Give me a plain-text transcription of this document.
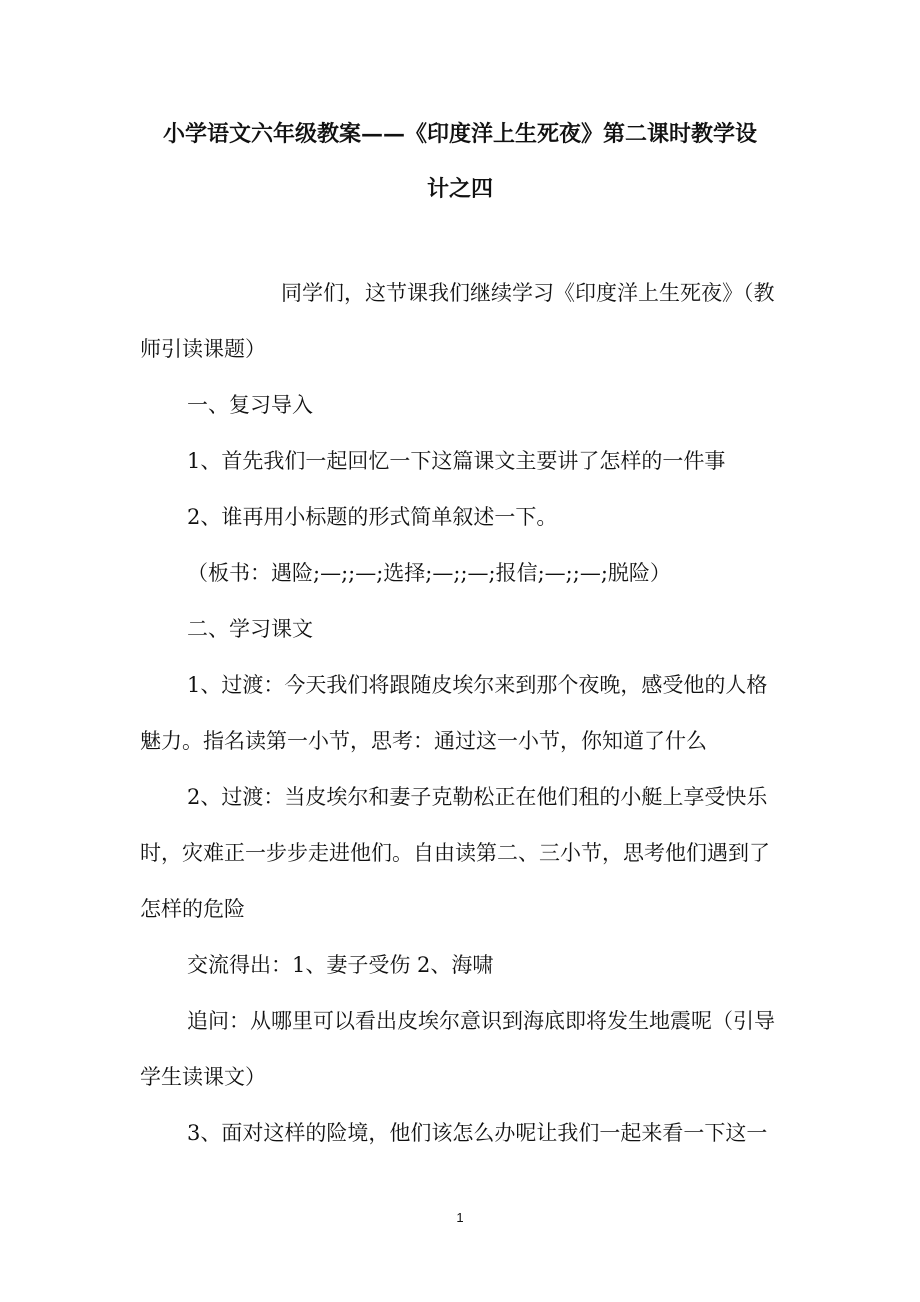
小学语文六年级教案——《印度洋上生死夜》第二课时教学设
计之四
同学们，这节课我们继续学习《印度洋上生死夜》（教
师引读课题）
一、复习导入
1、首先我们一起回忆一下这篇课文主要讲了怎样的一件事
2、谁再用小标题的形式简单叙述一下。
（板书：遇险;—;;—;选择;—;;—;报信;—;;—;脱险）
二、学习课文
1、过渡：今天我们将跟随皮埃尔来到那个夜晚，感受他的人格
魅力。指名读第一小节，思考：通过这一小节，你知道了什么
2、过渡：当皮埃尔和妻子克勒松正在他们租的小艇上享受快乐
时，灾难正一步步走进他们。自由读第二、三小节，思考他们遇到了
怎样的危险
交流得出：1、妻子受伤 2、海啸
追问：从哪里可以看出皮埃尔意识到海底即将发生地震呢（引导
学生读课文）
3、面对这样的险境，他们该怎么办呢让我们一起来看一下这一
1
